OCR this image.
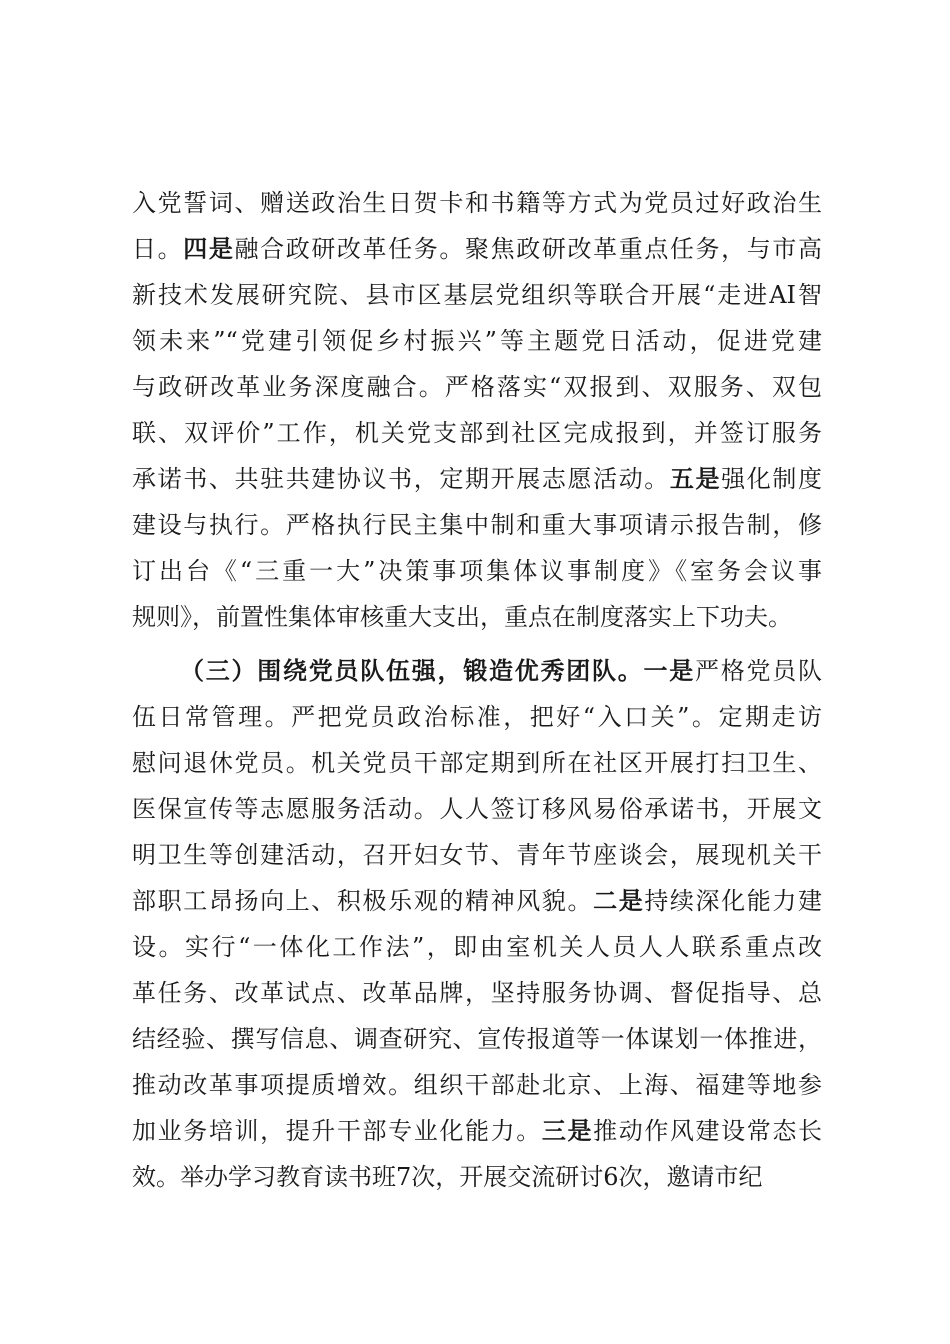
入党誓词、赠送政治生日贺卡和书籍等方式为党员过好政治生
日。四是融合政研改革任务。聚焦政研改革重点任务，与市高
新技术发展研究院、县市区基层党组织等联合开展“走进AI智
领未来”“党建引领促乡村振兴”等主题党日活动，促进党建
与政研改革业务深度融合。严格落实“双报到、双服务、双包
联、双评价”工作，机关党支部到社区完成报到，并签订服务
承诺书、共驻共建协议书，定期开展志愿活动。五是强化制度
建设与执行。严格执行民主集中制和重大事项请示报告制，修
订出台《“三重一大”决策事项集体议事制度》《室务会议事
规则》，前置性集体审核重大支出，重点在制度落实上下功夫。
（三）围绕党员队伍强，锻造优秀团队。一是严格党员队
伍日常管理。严把党员政治标准，把好“入口关”。定期走访
慰问退休党员。机关党员干部定期到所在社区开展打扫卫生、
医保宣传等志愿服务活动。人人签订移风易俗承诺书，开展文
明卫生等创建活动，召开妇女节、青年节座谈会，展现机关干
部职工昂扬向上、积极乐观的精神风貌。二是持续深化能力建
设。实行“一体化工作法”，即由室机关人员人人联系重点改
革任务、改革试点、改革品牌，坚持服务协调、督促指导、总
结经验、撰写信息、调查研究、宣传报道等一体谋划一体推进，
推动改革事项提质增效。组织干部赴北京、上海、福建等地参
加业务培训，提升干部专业化能力。三是推动作风建设常态长
效。举办学习教育读书班7次，开展交流研讨6次，邀请市纪
